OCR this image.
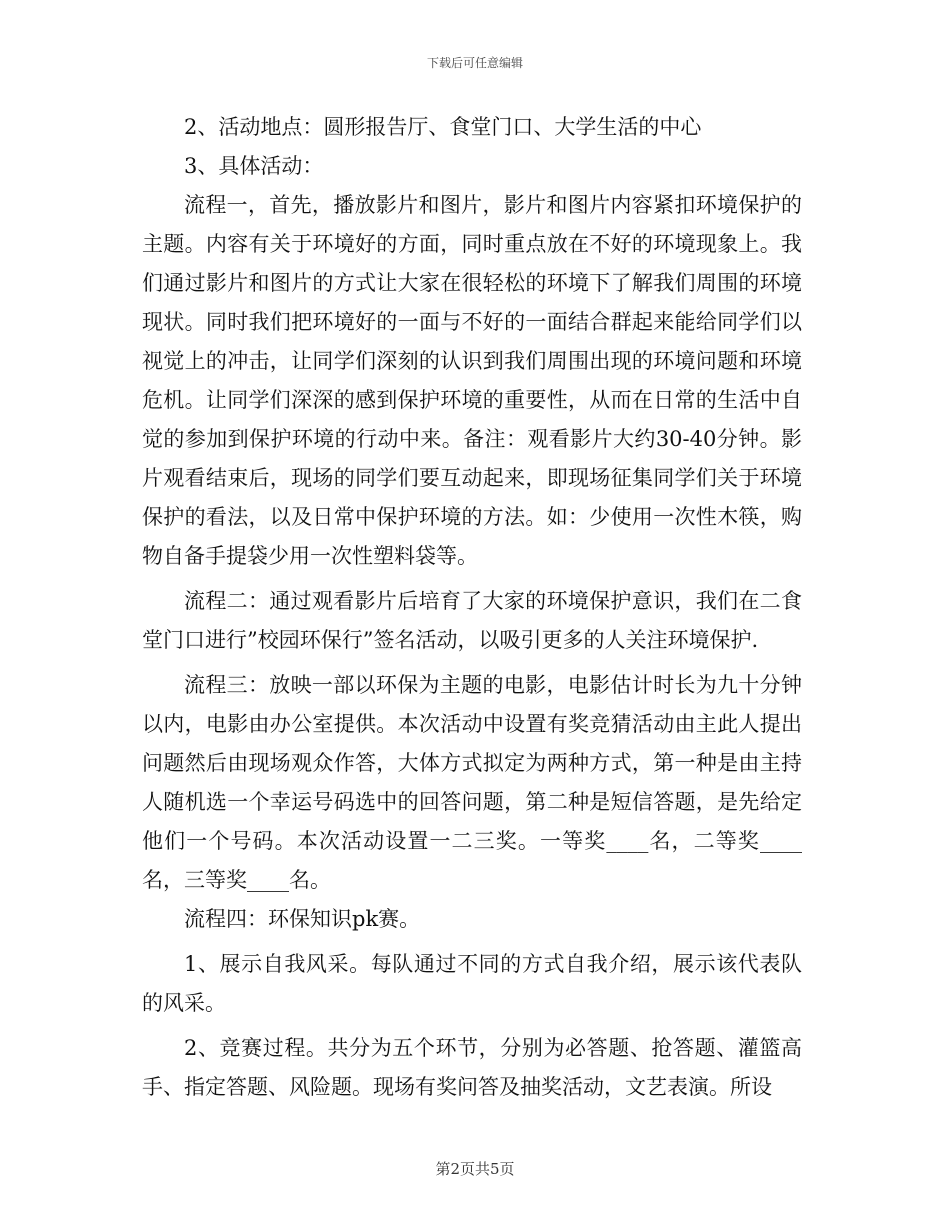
下载后可任意编辑

2、活动地点：圆形报告厅、食堂门口、大学生活的中心

3、具体活动：

流程一，首先，播放影片和图片，影片和图片内容紧扣环境保护的主题。内容有关于环境好的方面，同时重点放在不好的环境现象上。我们通过影片和图片的方式让大家在很轻松的环境下了解我们周围的环境现状。同时我们把环境好的一面与不好的一面结合群起来能给同学们以视觉上的冲击，让同学们深刻的认识到我们周围出现的环境问题和环境危机。让同学们深深的感到保护环境的重要性，从而在日常的生活中自觉的参加到保护环境的行动中来。备注：观看影片大约30-40分钟。影片观看结束后，现场的同学们要互动起来，即现场征集同学们关于环境保护的看法，以及日常中保护环境的方法。如：少使用一次性木筷，购物自备手提袋少用一次性塑料袋等。

流程二：通过观看影片后培育了大家的环境保护意识，我们在二食堂门口进行”校园环保行”签名活动，以吸引更多的人关注环境保护.

流程三：放映一部以环保为主题的电影，电影估计时长为九十分钟以内，电影由办公室提供。本次活动中设置有奖竞猜活动由主此人提出问题然后由现场观众作答，大体方式拟定为两种方式，第一种是由主持人随机选一个幸运号码选中的回答问题，第二种是短信答题，是先给定他们一个号码。本次活动设置一二三奖。一等奖____名，二等奖____名，三等奖____名。

流程四：环保知识pk赛。

1、展示自我风采。每队通过不同的方式自我介绍，展示该代表队的风采。

2、竞赛过程。共分为五个环节，分别为必答题、抢答题、灌篮高手、指定答题、风险题。现场有奖问答及抽奖活动，文艺表演。所设

第2页共5页
